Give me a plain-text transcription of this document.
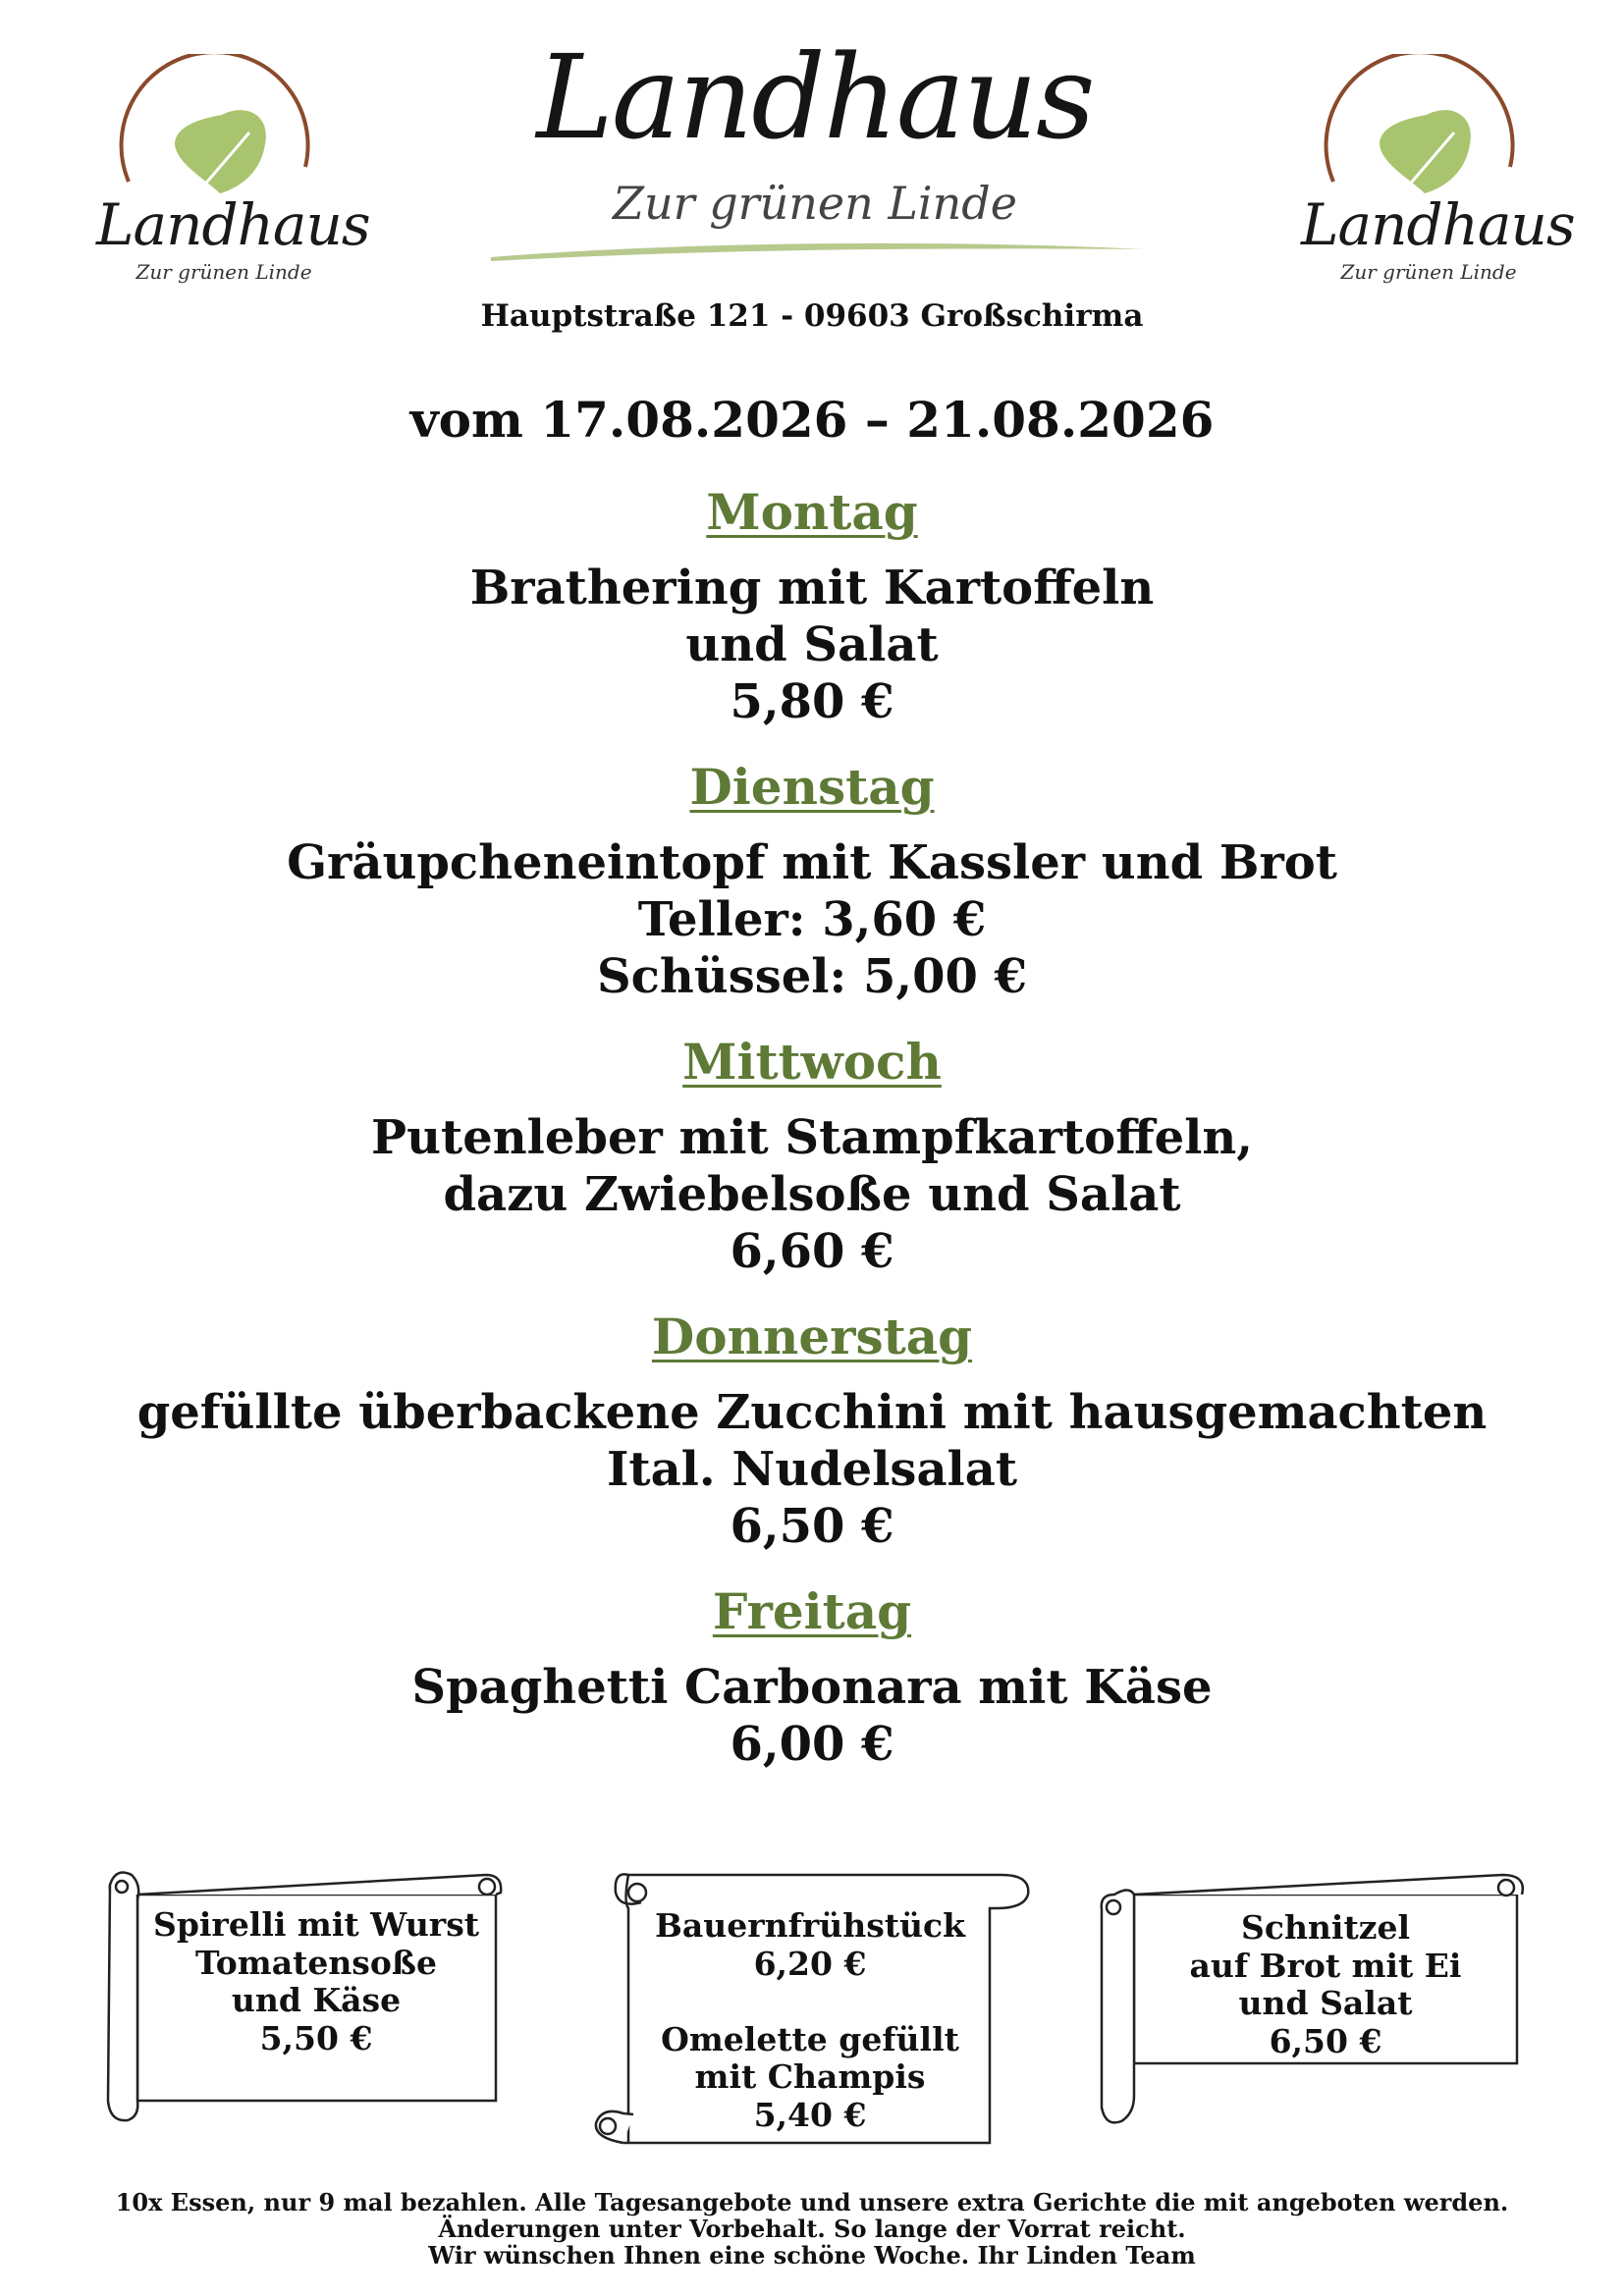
Landhaus
Zur grünen Linde
Landhaus
Zur grünen Linde
Landhaus
Zur grünen Linde
Hauptstraße 121 - 09603 Großschirma
vom 17.08.2026 – 21.08.2026
Montag
Brathering mit Kartoffeln
und Salat
5,80 €
Dienstag
Gräupcheneintopf mit Kassler und Brot
Teller: 3,60 €
Schüssel: 5,00 €
Mittwoch
Putenleber mit Stampfkartoffeln,
dazu Zwiebelsoße und Salat
6,60 €
Donnerstag
gefüllte überbackene Zucchini mit hausgemachten
Ital. Nudelsalat
6,50 €
Freitag
Spaghetti Carbonara mit Käse
6,00 €
Spirelli mit Wurst
Tomatensoße
und Käse
5,50 €
Bauernfrühstück
6,20 €
Omelette gefüllt
mit Champis
5,40 €
Schnitzel
auf Brot mit Ei
und Salat
6,50 €
10x Essen, nur 9 mal bezahlen. Alle Tagesangebote und unsere extra Gerichte die mit angeboten werden.
Änderungen unter Vorbehalt. So lange der Vorrat reicht.
Wir wünschen Ihnen eine schöne Woche. Ihr Linden Team
